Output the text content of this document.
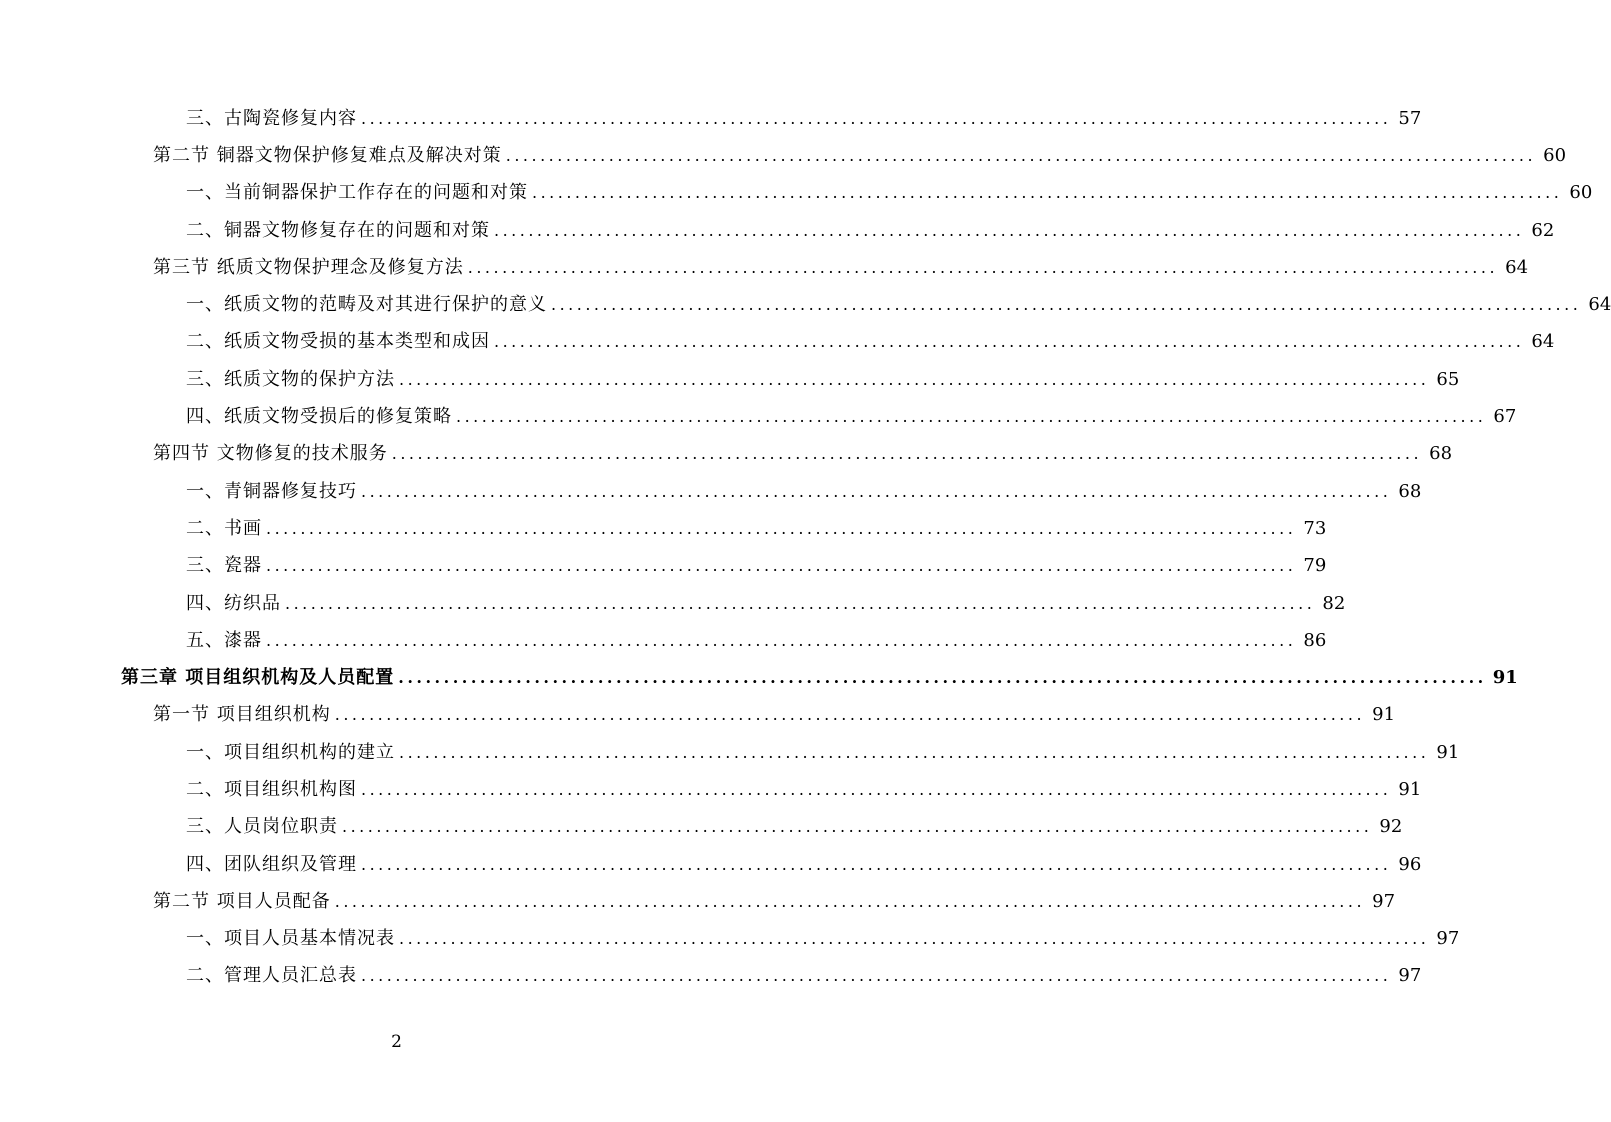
三、古陶瓷修复内容 ........................................................................................................................ 57
第二节 铜器文物保护修复难点及解决对策 ........................................................................................................................ 60
一、当前铜器保护工作存在的问题和对策 ........................................................................................................................ 60
二、铜器文物修复存在的问题和对策 ........................................................................................................................ 62
第三节 纸质文物保护理念及修复方法 ........................................................................................................................ 64
一、纸质文物的范畴及对其进行保护的意义 ........................................................................................................................ 64
二、纸质文物受损的基本类型和成因 ........................................................................................................................ 64
三、纸质文物的保护方法 ........................................................................................................................ 65
四、纸质文物受损后的修复策略 ........................................................................................................................ 67
第四节 文物修复的技术服务 ........................................................................................................................ 68
一、青铜器修复技巧 ........................................................................................................................ 68
二、书画 ........................................................................................................................ 73
三、瓷器 ........................................................................................................................ 79
四、纺织品 ........................................................................................................................ 82
五、漆器 ........................................................................................................................ 86
第三章 项目组织机构及人员配置 ........................................................................................................................ 91
第一节 项目组织机构 ........................................................................................................................ 91
一、项目组织机构的建立 ........................................................................................................................ 91
二、项目组织机构图 ........................................................................................................................ 91
三、人员岗位职责 ........................................................................................................................ 92
四、团队组织及管理 ........................................................................................................................ 96
第二节 项目人员配备 ........................................................................................................................ 97
一、项目人员基本情况表 ........................................................................................................................ 97
二、管理人员汇总表 ........................................................................................................................ 97
2
